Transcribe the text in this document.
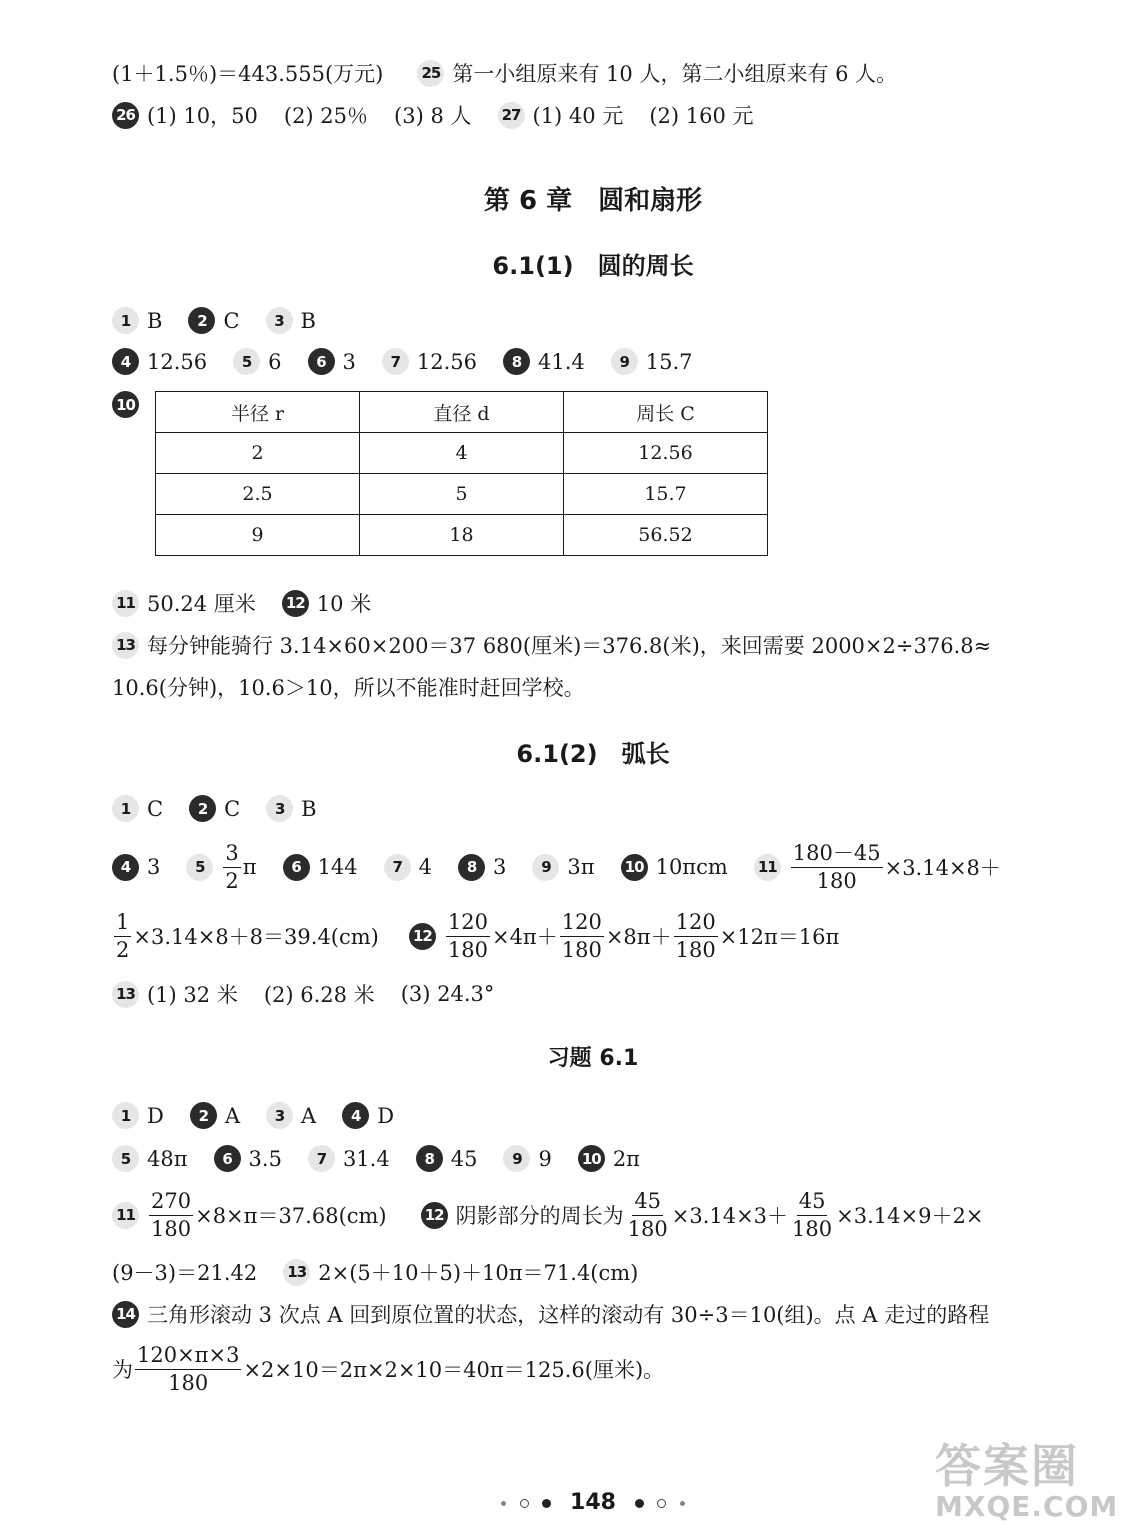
(1＋1.5％)＝443.555(万元)	25 第一小组原来有 10 人，第二小组原来有 6 人。
26 (1) 10，50 (2) 25％ (3) 8 人 27 (1) 40 元 (2) 160 元
第 6 章　圆和扇形
6.1(1)　圆的周长
1 B	2 C	3 B
4 12.56	5 6	6 3	7 12.56	8 41.4	9 15.7
10	半径 r	直径 d	周长 C
2	4	12.56
2.5	5	15.7
9	18	56.52
11 50.24 厘米 12 10 米
13 每分钟能骑行 3.14×60×200＝37 680(厘米)＝376.8(米)，来回需要 2000×2÷376.8≈
10.6(分钟)，10.6＞10，所以不能准时赶回学校。
6.1(2)　弧长
1 C	2 C	3 B
4 3	$5 \frac{3}{2}$ π	6 144	7 4	8 3	9 3π 10 10πcm $11 \frac{180-45}{180} \times 3.14\times 8+$
$\frac{1}{2} \times 3.14\times 8+8=39.4(cm)$ $12 \frac{120}{180} \times 4\pi+ \frac{120}{180} \times 8\pi+ \frac{120}{180} \times 12\pi=16\pi$
13 (1) 32 米 (2) 6.28 米 (3) 24.3°
习题 6.1
1 D	2 A	3 A	4 D
5 48π	6 3.5	7 31.4	8 45	9 9 10 2π
$11 \frac{270}{180} \times 8\times\pi=37.68(cm)$	12 阴影部分的周长为 $\frac{45}{180} \times 3.14\times 3+ \frac{45}{180} \times 3.14\times 9+2\times$
(9－3)＝21.42 13 2×(5＋10＋5)＋10π＝71.4(cm)
14 三角形滚动 3 次点 A 回到原位置的状态，这样的滚动有 30÷3＝10(组)。点 A 走过的路程
为 $\frac{120\times\pi\times 3}{180} \times 2\times 10=2\pi\times 2\times 10=40\pi=125.6$(厘米)。
148
答案圈
MXQE.COM
